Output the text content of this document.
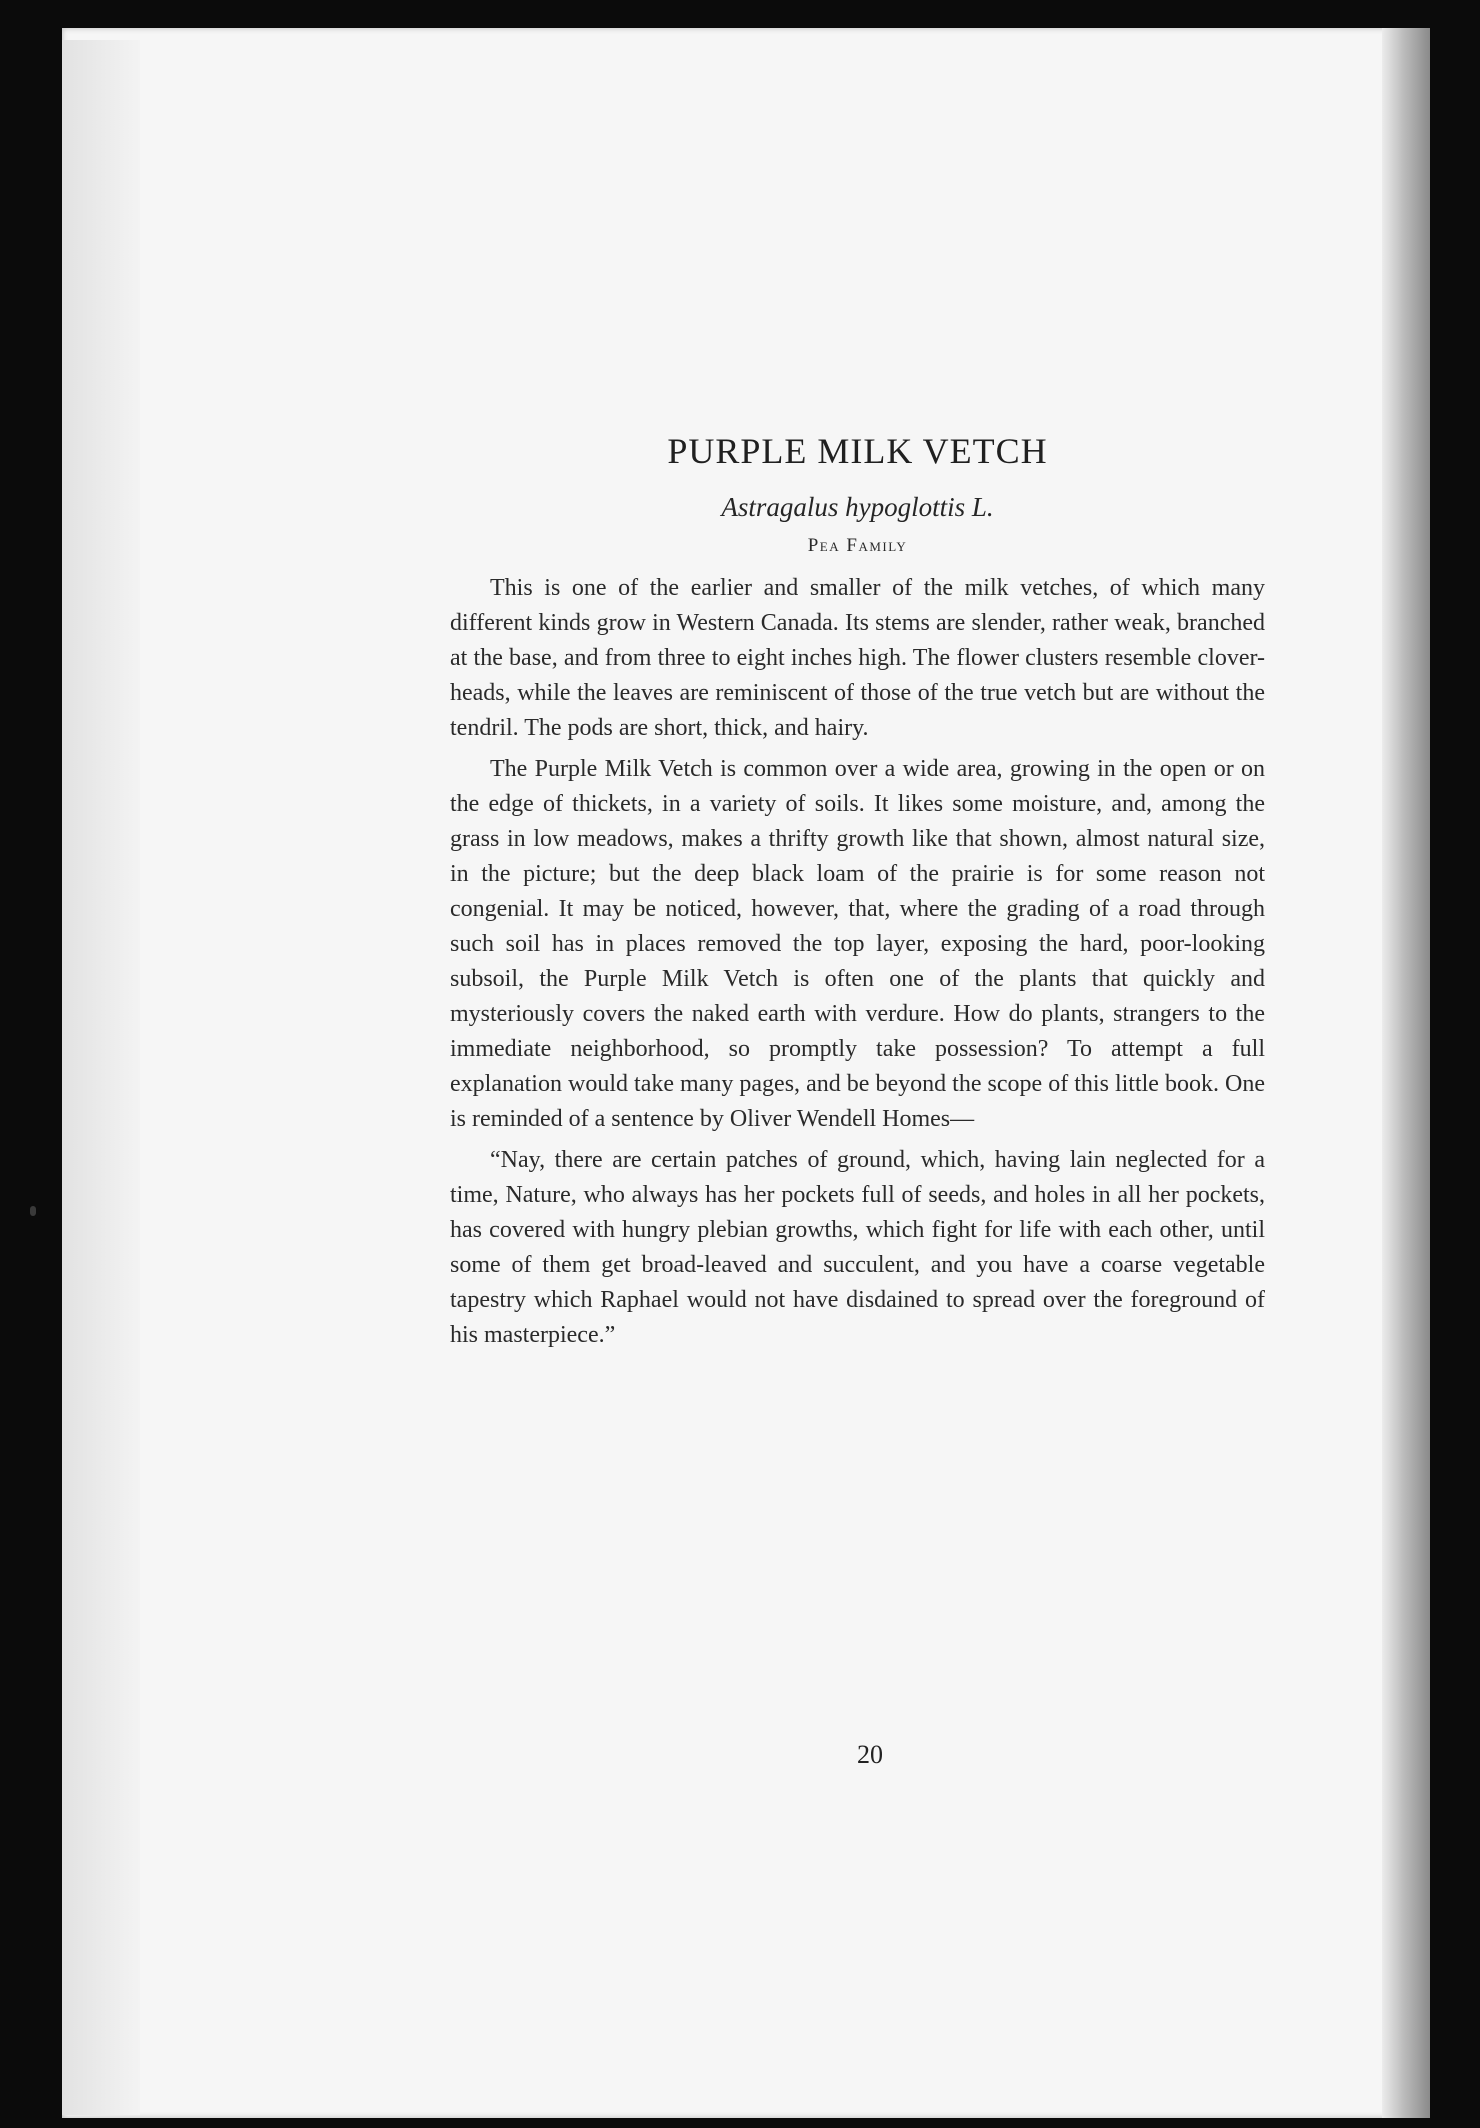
PURPLE MILK VETCH
Astragalus hypoglottis L.
Pea Family

This is one of the earlier and smaller of the milk vetches, of which many different kinds grow in Western Canada. Its stems are slender, rather weak, branched at the base, and from three to eight inches high. The flower clusters resemble clover-heads, while the leaves are reminiscent of those of the true vetch but are without the tendril. The pods are short, thick, and hairy.

The Purple Milk Vetch is common over a wide area, growing in the open or on the edge of thickets, in a variety of soils. It likes some moisture, and, among the grass in low meadows, makes a thrifty growth like that shown, almost natural size, in the picture; but the deep black loam of the prairie is for some reason not congenial. It may be noticed, however, that, where the grading of a road through such soil has in places removed the top layer, exposing the hard, poor-looking subsoil, the Purple Milk Vetch is often one of the plants that quickly and mysteriously covers the naked earth with verdure. How do plants, strangers to the immediate neighborhood, so promptly take possession? To attempt a full explanation would take many pages, and be beyond the scope of this little book. One is reminded of a sentence by Oliver Wendell Homes—

“Nay, there are certain patches of ground, which, having lain neglected for a time, Nature, who always has her pockets full of seeds, and holes in all her pockets, has covered with hungry plebian growths, which fight for life with each other, until some of them get broad-leaved and succulent, and you have a coarse vegetable tapestry which Raphael would not have disdained to spread over the foreground of his masterpiece.”

20
